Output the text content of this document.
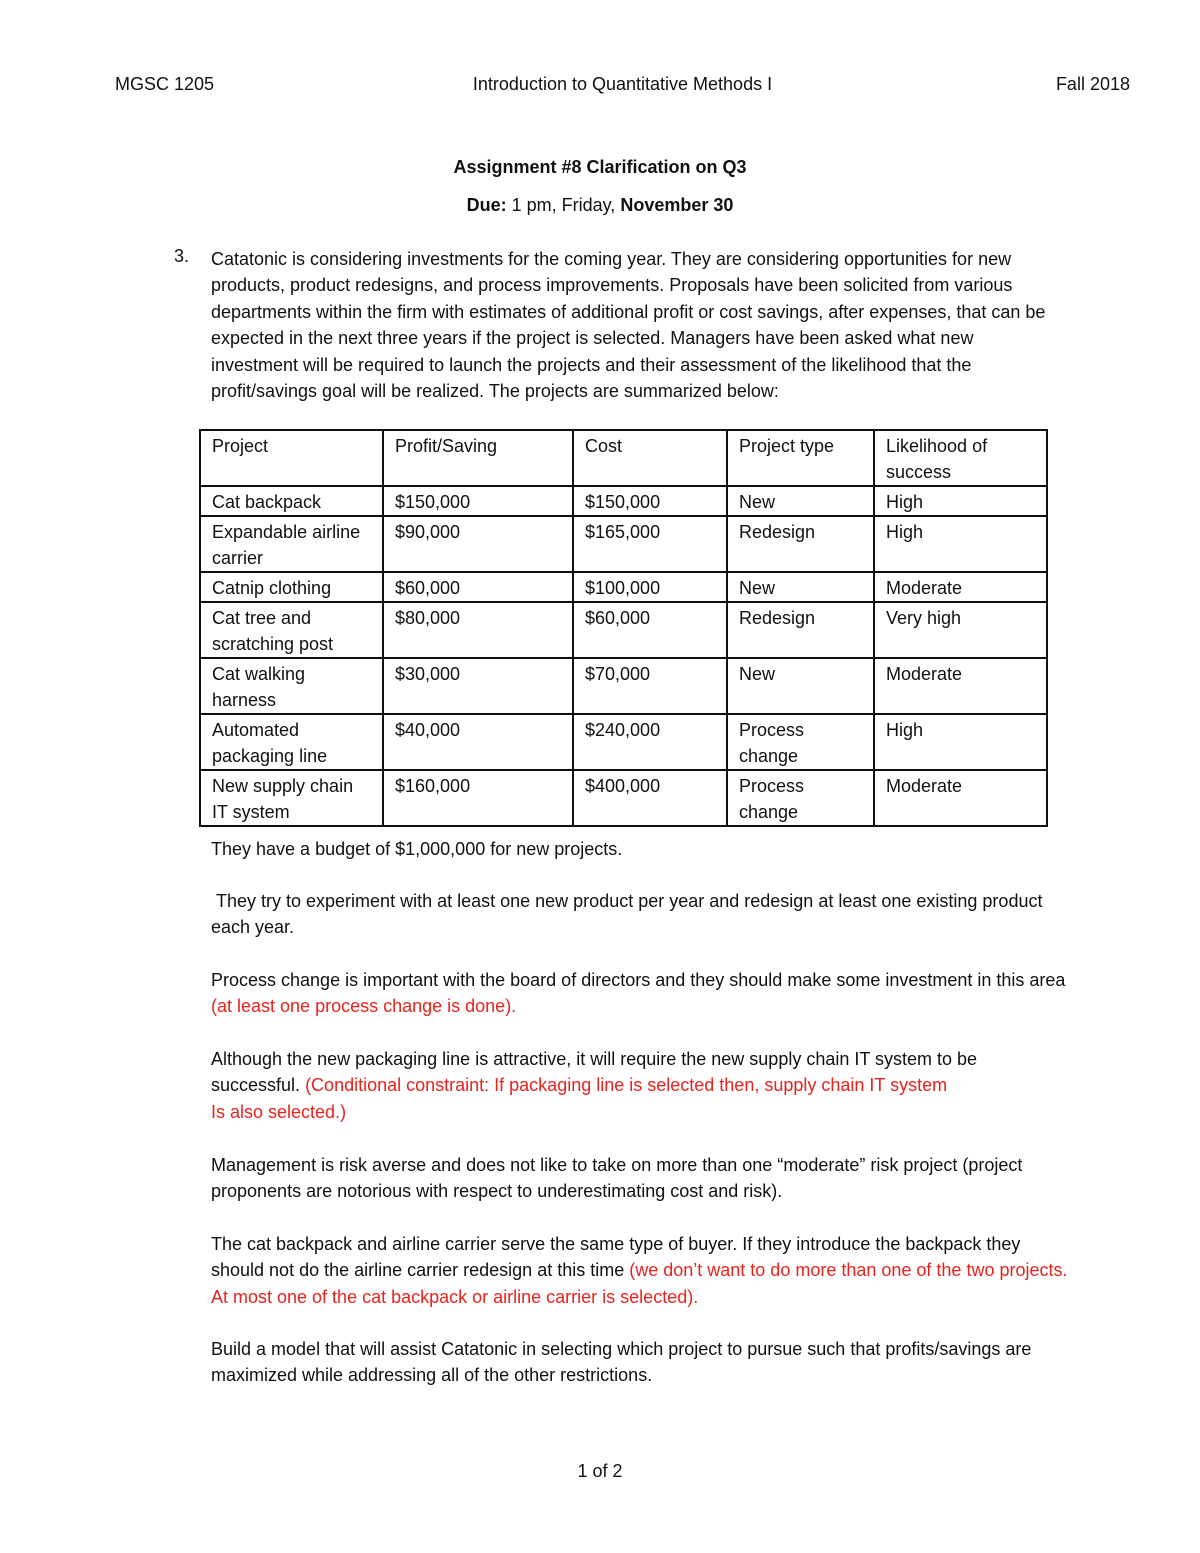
MGSC 1205	Introduction to Quantitative Methods I	Fall 2018
Assignment #8 Clarification on Q3
Due: 1 pm, Friday, November 30
3. Catatonic is considering investments for the coming year. They are considering opportunities for new products, product redesigns, and process improvements. Proposals have been solicited from various departments within the firm with estimates of additional profit or cost savings, after expenses, that can be expected in the next three years if the project is selected. Managers have been asked what new investment will be required to launch the projects and their assessment of the likelihood that the profit/savings goal will be realized. The projects are summarized below:
Project	Profit/Saving	Cost	Project type	Likelihood of success
Cat backpack	$150,000	$150,000	New	High
Expandable airline carrier	$90,000	$165,000	Redesign	High
Catnip clothing	$60,000	$100,000	New	Moderate
Cat tree and scratching post	$80,000	$60,000	Redesign	Very high
Cat walking harness	$30,000	$70,000	New	Moderate
Automated packaging line	$40,000	$240,000	Process change	High
New supply chain IT system	$160,000	$400,000	Process change	Moderate
They have a budget of $1,000,000 for new projects.
They try to experiment with at least one new product per year and redesign at least one existing product each year.
Process change is important with the board of directors and they should make some investment in this area (at least one process change is done).
Although the new packaging line is attractive, it will require the new supply chain IT system to be successful. (Conditional constraint: If packaging line is selected then, supply chain IT system
Is also selected.)
Management is risk averse and does not like to take on more than one “moderate” risk project (project proponents are notorious with respect to underestimating cost and risk).
The cat backpack and airline carrier serve the same type of buyer. If they introduce the backpack they should not do the airline carrier redesign at this time (we don’t want to do more than one of the two projects. At most one of the cat backpack or airline carrier is selected).
Build a model that will assist Catatonic in selecting which project to pursue such that profits/savings are maximized while addressing all of the other restrictions.
1 of 2
